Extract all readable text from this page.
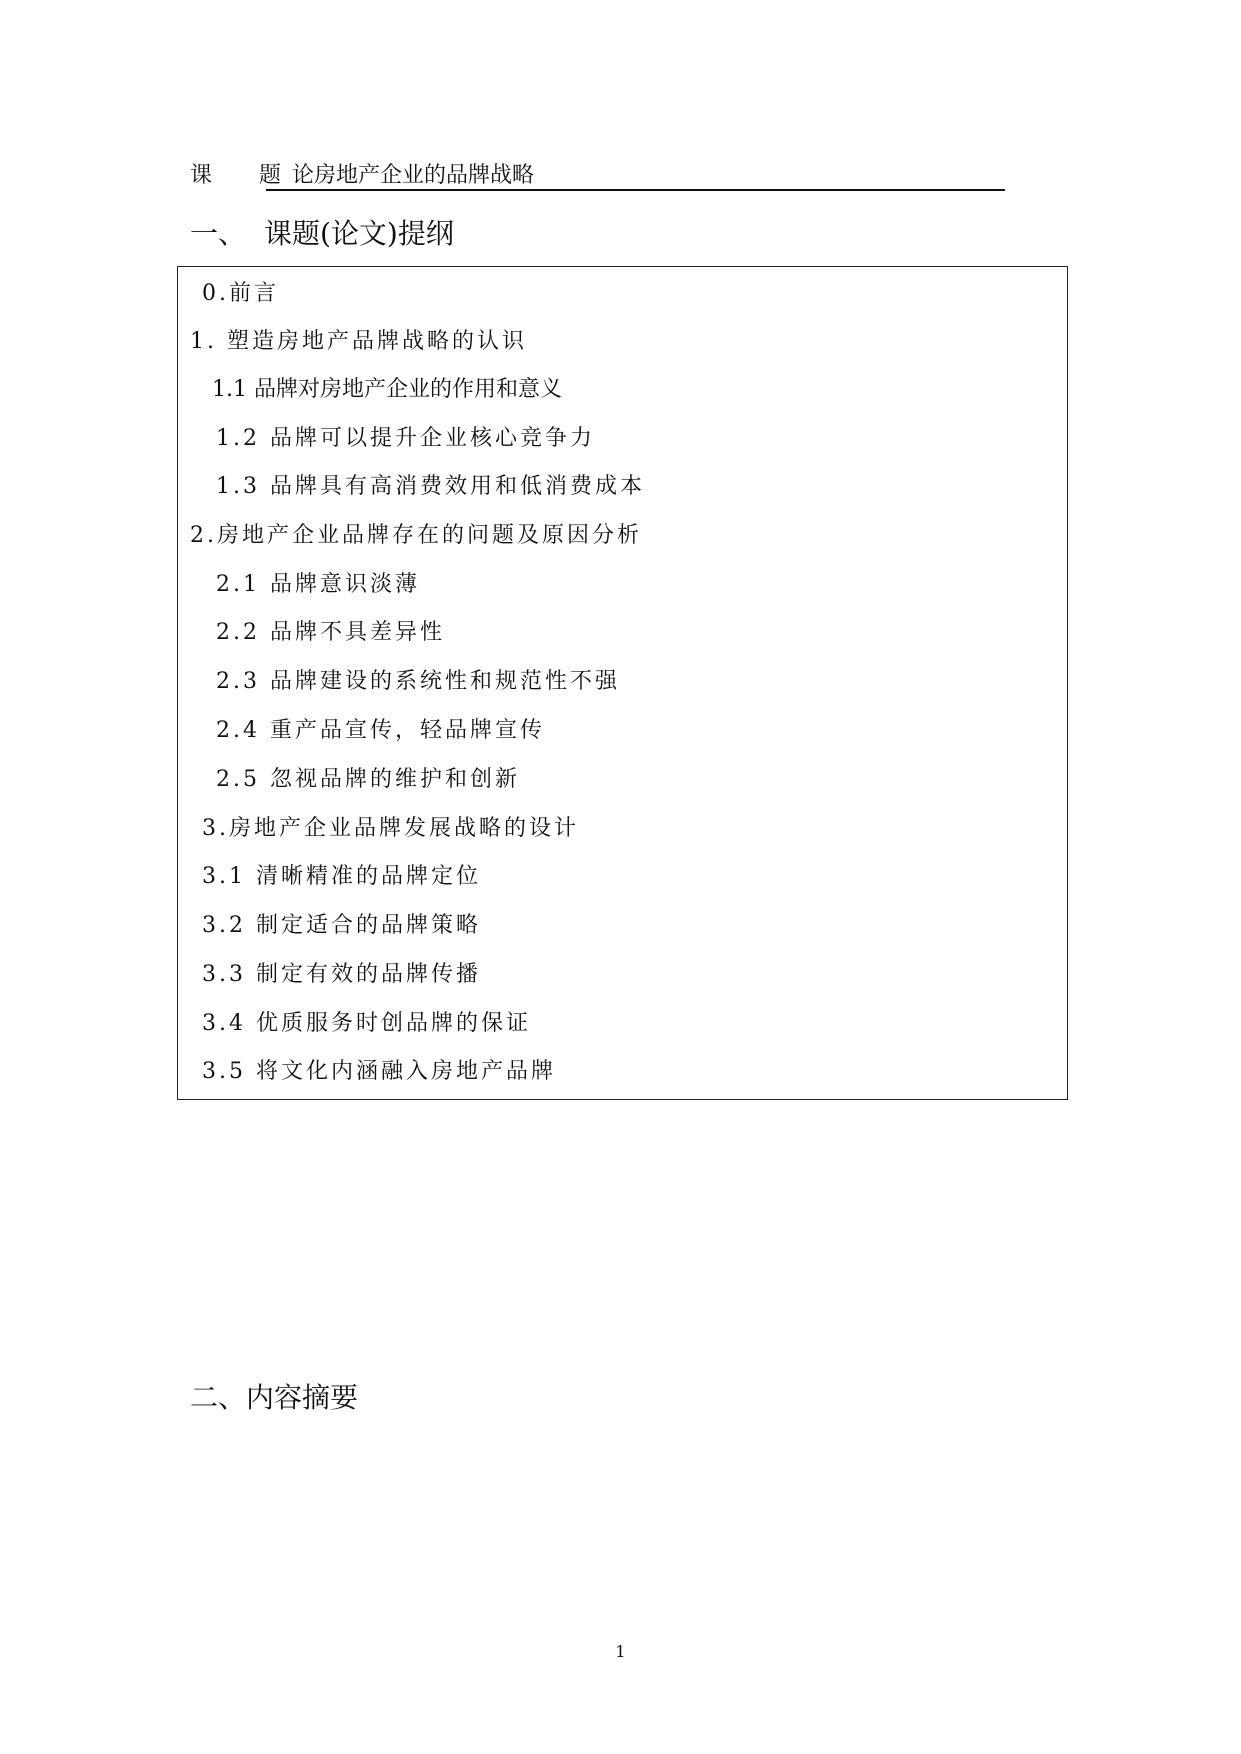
课 题
论房地产企业的品牌战略
一、 课题(论文)提纲
0.前言
1. 塑造房地产品牌战略的认识
1.1 品牌对房地产企业的作用和意义
1.2 品牌可以提升企业核心竞争力
1.3 品牌具有高消费效用和低消费成本
2.房地产企业品牌存在的问题及原因分析
2.1 品牌意识淡薄
2.2 品牌不具差异性
2.3 品牌建设的系统性和规范性不强
2.4 重产品宣传，轻品牌宣传
2.5 忽视品牌的维护和创新
3.房地产企业品牌发展战略的设计
3.1 清晰精准的品牌定位
3.2 制定适合的品牌策略
3.3 制定有效的品牌传播
3.4 优质服务时创品牌的保证
3.5 将文化内涵融入房地产品牌
二、内容摘要
1
